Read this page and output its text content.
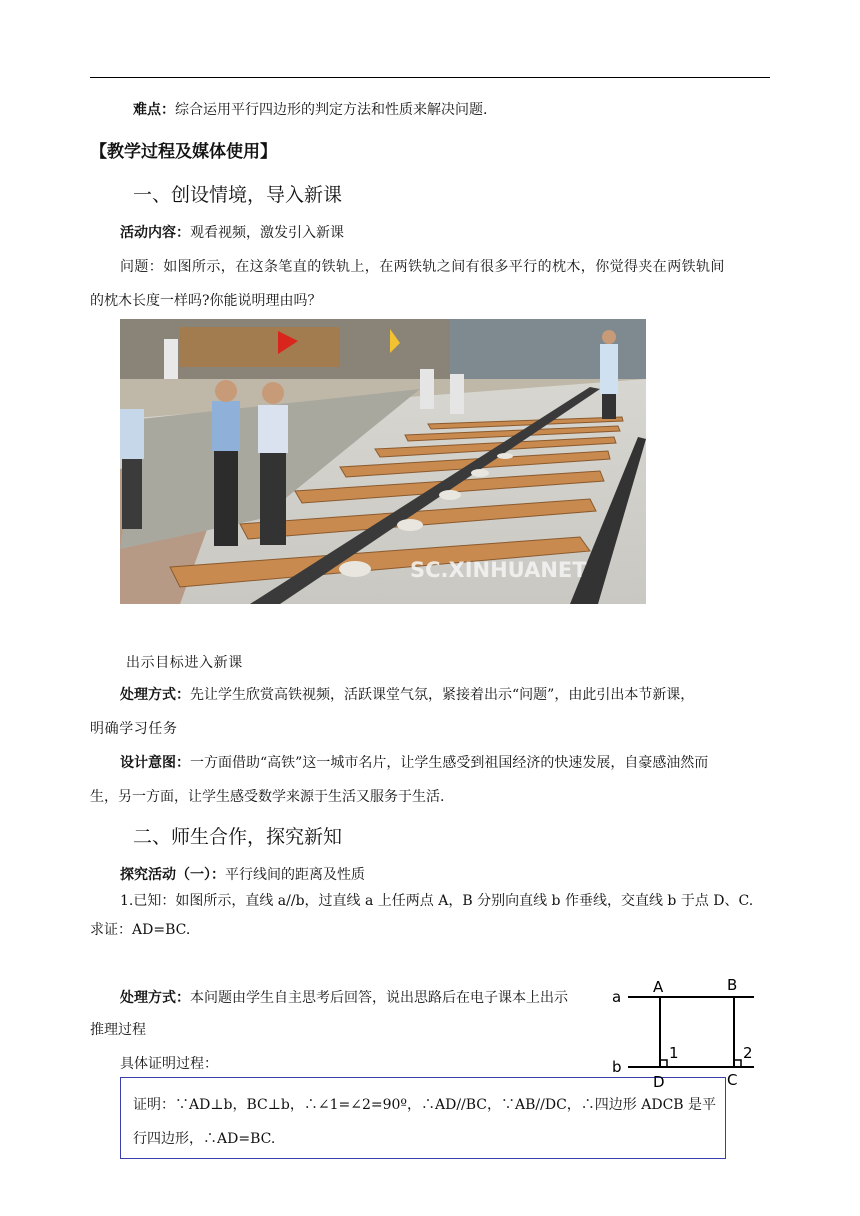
难点：综合运用平行四边形的判定方法和性质来解决问题.
【教学过程及媒体使用】
一、创设情境，导入新课
活动内容：观看视频，激发引入新课
问题：如图所示，在这条笔直的铁轨上，在两铁轨之间有很多平行的枕木，你觉得夹在两铁轨间
的枕木长度一样吗?你能说明理由吗？
SC.XINHUANET
出示目标进入新课
处理方式：先让学生欣赏高铁视频，活跃课堂气氛，紧接着出示“问题”，由此引出本节新课，
明确学习任务
设计意图：一方面借助“高铁”这一城市名片，让学生感受到祖国经济的快速发展，自豪感油然而
生，另一方面，让学生感受数学来源于生活又服务于生活.
二、师生合作，探究新知
探究活动（一）：平行线间的距离及性质
1.已知：如图所示，直线 a//b，过直线 a 上任两点 A，B 分别向直线 b 作垂线，交直线 b 于点 D、C.
求证：AD=BC.
处理方式：本问题由学生自主思考后回答，说出思路后在电子课本上出示
推理过程
具体证明过程：
证明：∵AD⊥b，BC⊥b，∴∠1=∠2=90º，∴AD//BC，∵AB//DC，∴四边形 ADCB 是平
行四边形，∴AD=BC.
a
b
A	B
D	C
1	2
